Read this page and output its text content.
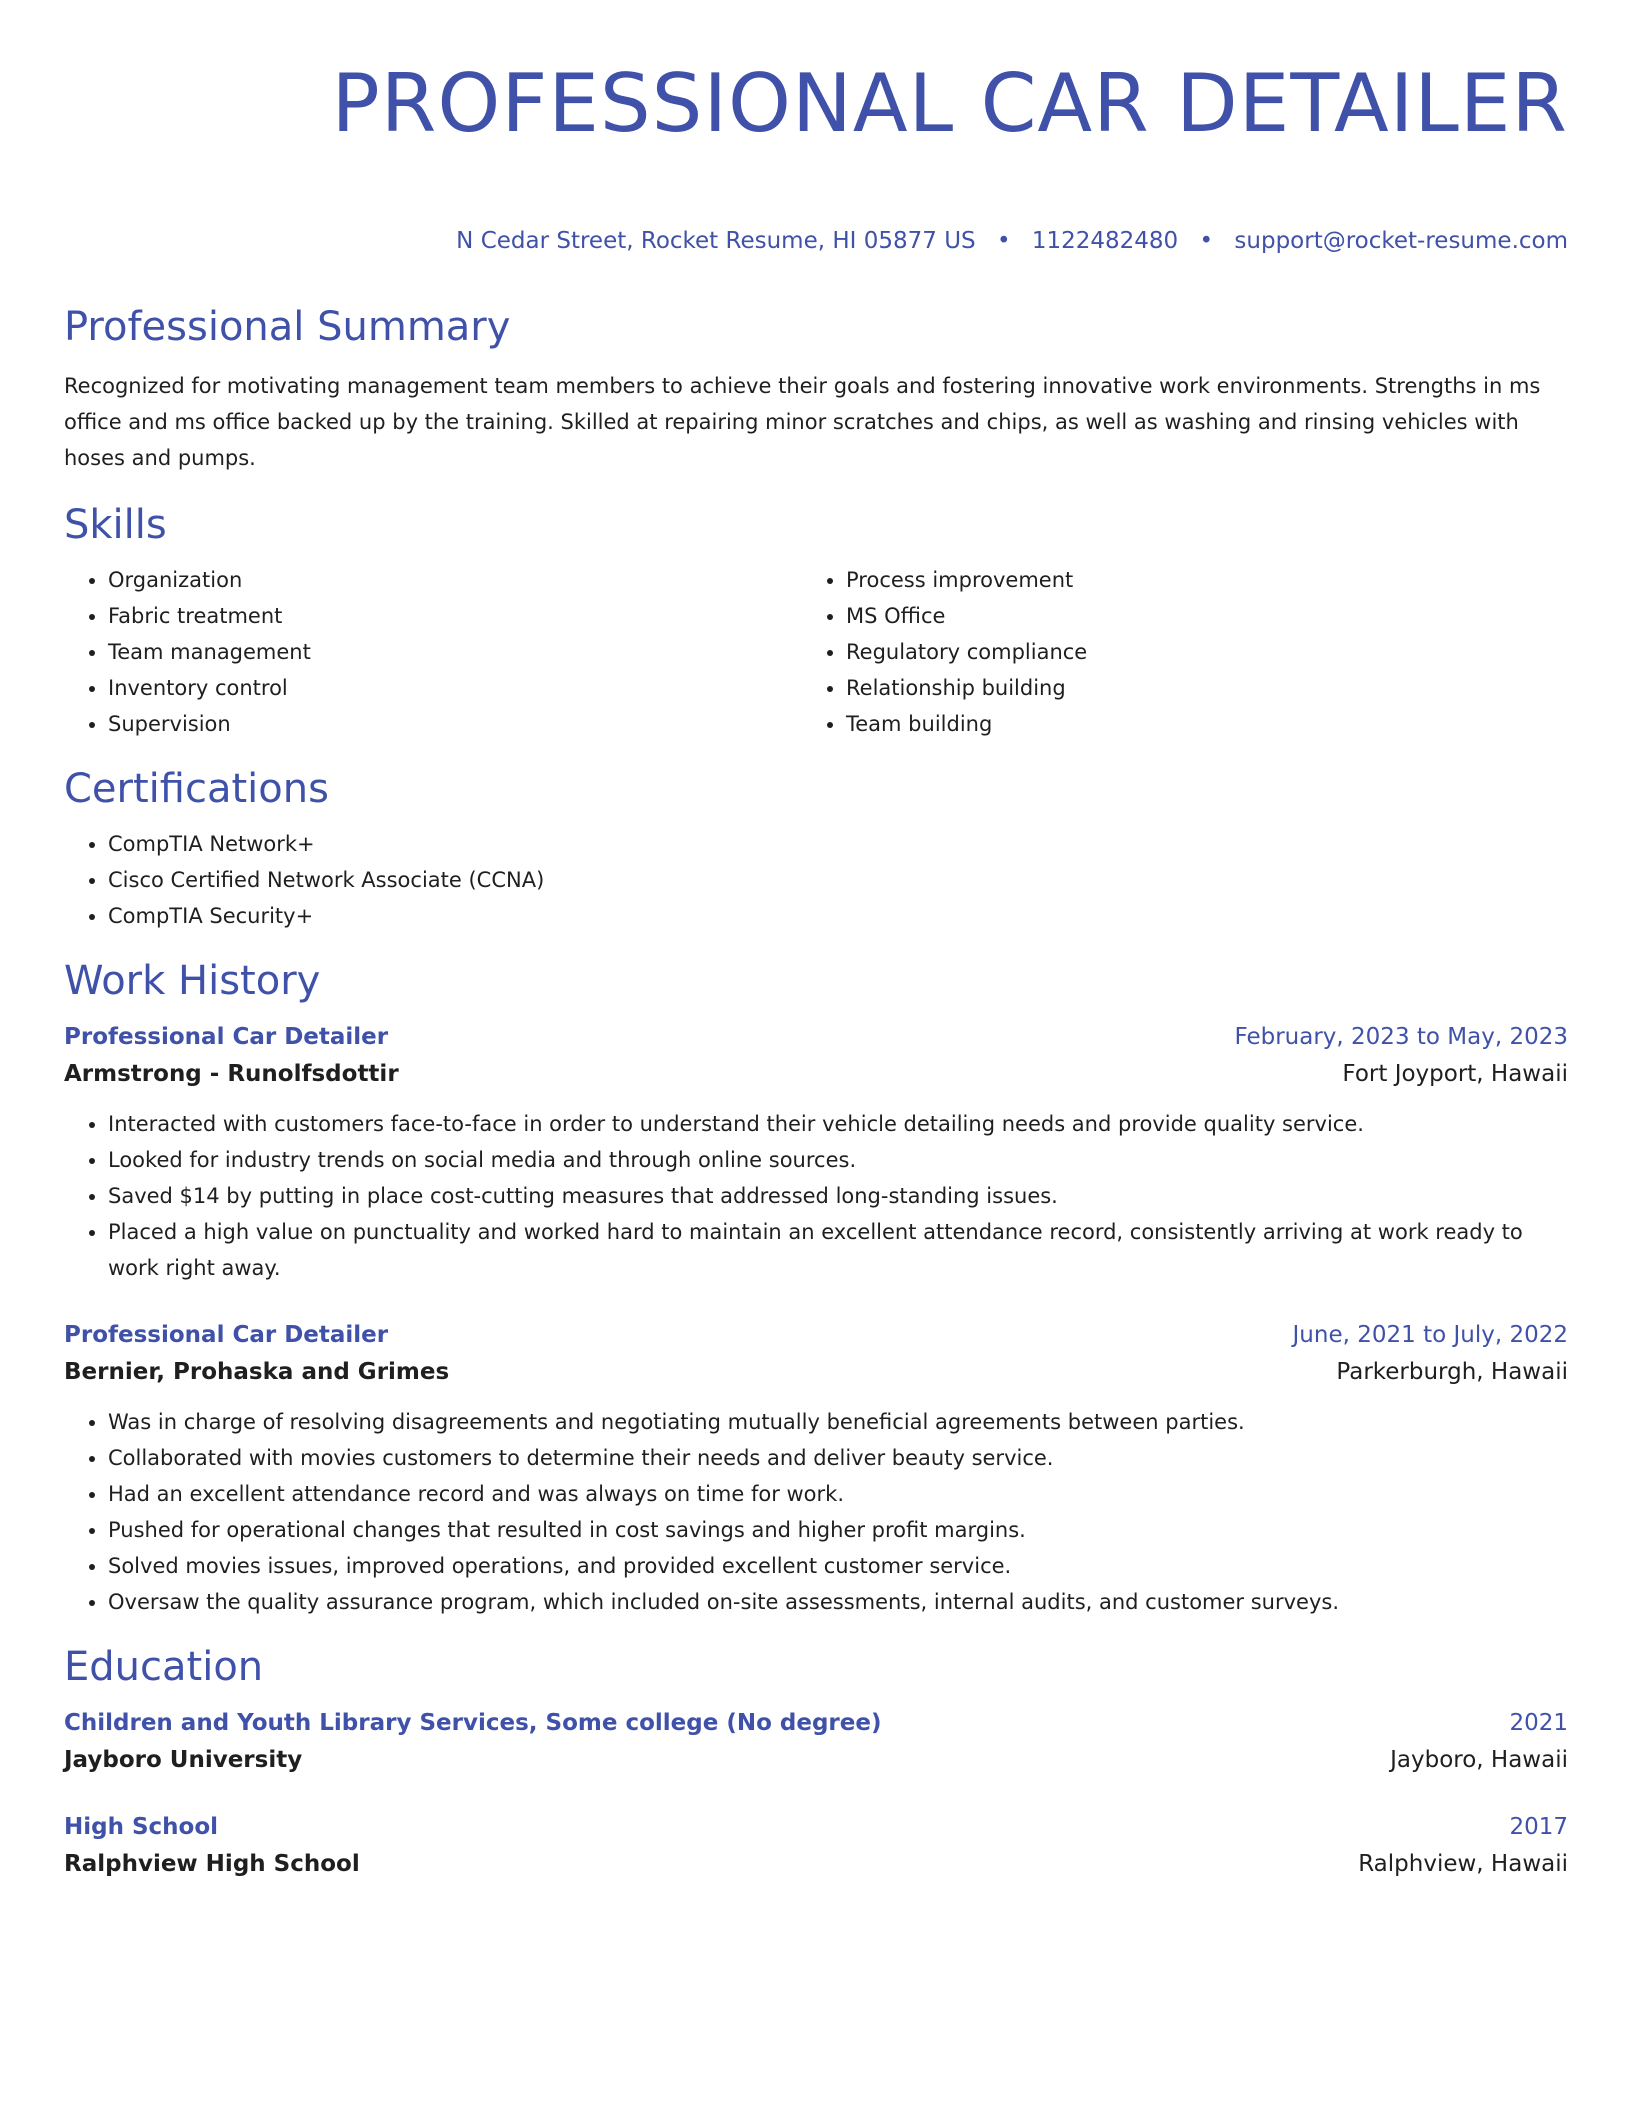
PROFESSIONAL CAR DETAILER
N Cedar Street, Rocket Resume, HI 05877 US • 1122482480 • support@rocket-resume.com
Professional Summary

Recognized for motivating management team members to achieve their goals and fostering innovative work environments. Strengths in ms office and ms office backed up by the training. Skilled at repairing minor scratches and chips, as well as washing and rinsing vehicles with hoses and pumps.

Skills
• Organization
• Fabric treatment
• Team management
• Inventory control
• Supervision
• Process improvement
• MS Office
• Regulatory compliance
• Relationship building
• Team building
Certifications
• CompTIA Network+
• Cisco Certified Network Associate (CCNA)
• CompTIA Security+
Work History
Professional Car Detailer	February, 2023 to May, 2023
Armstrong - Runolfsdottir	Fort Joyport, Hawaii
• Interacted with customers face-to-face in order to understand their vehicle detailing needs and provide quality service.
• Looked for industry trends on social media and through online sources.
• Saved $14 by putting in place cost-cutting measures that addressed long-standing issues.
• Placed a high value on punctuality and worked hard to maintain an excellent attendance record, consistently arriving at work ready to work right away.
Professional Car Detailer	June, 2021 to July, 2022
Bernier, Prohaska and Grimes	Parkerburgh, Hawaii
• Was in charge of resolving disagreements and negotiating mutually beneficial agreements between parties.
• Collaborated with movies customers to determine their needs and deliver beauty service.
• Had an excellent attendance record and was always on time for work.
• Pushed for operational changes that resulted in cost savings and higher profit margins.
• Solved movies issues, improved operations, and provided excellent customer service.
• Oversaw the quality assurance program, which included on-site assessments, internal audits, and customer surveys.
Education
Children and Youth Library Services, Some college (No degree)	2021
Jayboro University	Jayboro, Hawaii
High School	2017
Ralphview High School	Ralphview, Hawaii
